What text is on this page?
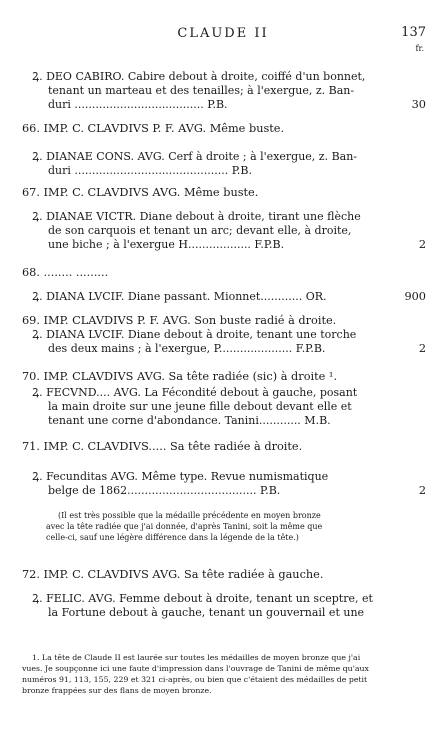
CLAUDE II	137
fr.
Ꝝ. DEO CABIRO. Cabire debout à droite, coiffé d'un bonnet,
tenant un marteau et des tenailles; à l'exergue, z. Ban-
duri ..................................... P.B.	30
66. IMP. C. CLAVDIVS P. F. AVG. Même buste.
Ꝝ. DIANAE CONS. AVG. Cerf à droite ; à l'exergue, z. Ban-
duri ............................................ P.B.
67. IMP. C. CLAVDIVS AVG. Même buste.
Ꝝ. DIANAE VICTR. Diane debout à droite, tirant une flèche
de son carquois et tenant un arc; devant elle, à droite,
une biche ; à l'exergue H.................. F.P.B.	2
68. ........ .........
Ꝝ. DIANA LVCIF. Diane passant. Mionnet............ OR.	900
69. IMP. CLAVDIVS P. F. AVG. Son buste radié à droite.
Ꝝ. DIANA LVCIF. Diane debout à droite, tenant une torche
des deux mains ; à l'exergue, P..................... F.P.B.	2
70. IMP. CLAVDIVS AVG. Sa tête radiée (sic) à droite ¹.
Ꝝ. FECVND.... AVG. La Fécondité debout à gauche, posant
la main droite sur une jeune fille debout devant elle et
tenant une corne d'abondance. Tanini............ M.B.
71. IMP. C. CLAVDIVS..... Sa tête radiée à droite.
Ꝝ. Fecunditas AVG. Même type. Revue numismatique
belge de 1862..................................... P.B.	2
(Il est très possible que la médaille précédente en moyen bronze
avec la tête radiée que j'ai donnée, d'après Tanini, soit la même que
celle-ci, sauf une légère différence dans la légende de la tête.)
72. IMP. C. CLAVDIVS AVG. Sa tête radiée à gauche.
Ꝝ. FELIC. AVG. Femme debout à droite, tenant un sceptre, et
la Fortune debout à gauche, tenant un gouvernail et une
1. La tête de Claude II est laurée sur toutes les médailles de moyen bronze que j'ai
vues. Je soupçonne ici une faute d'impression dans l'ouvrage de Tanini de même qu'aux
numéros 91, 113, 155, 229 et 321 ci-après, ou bien que c'étaient des médailles de petit
bronze frappées sur des flans de moyen bronze.
